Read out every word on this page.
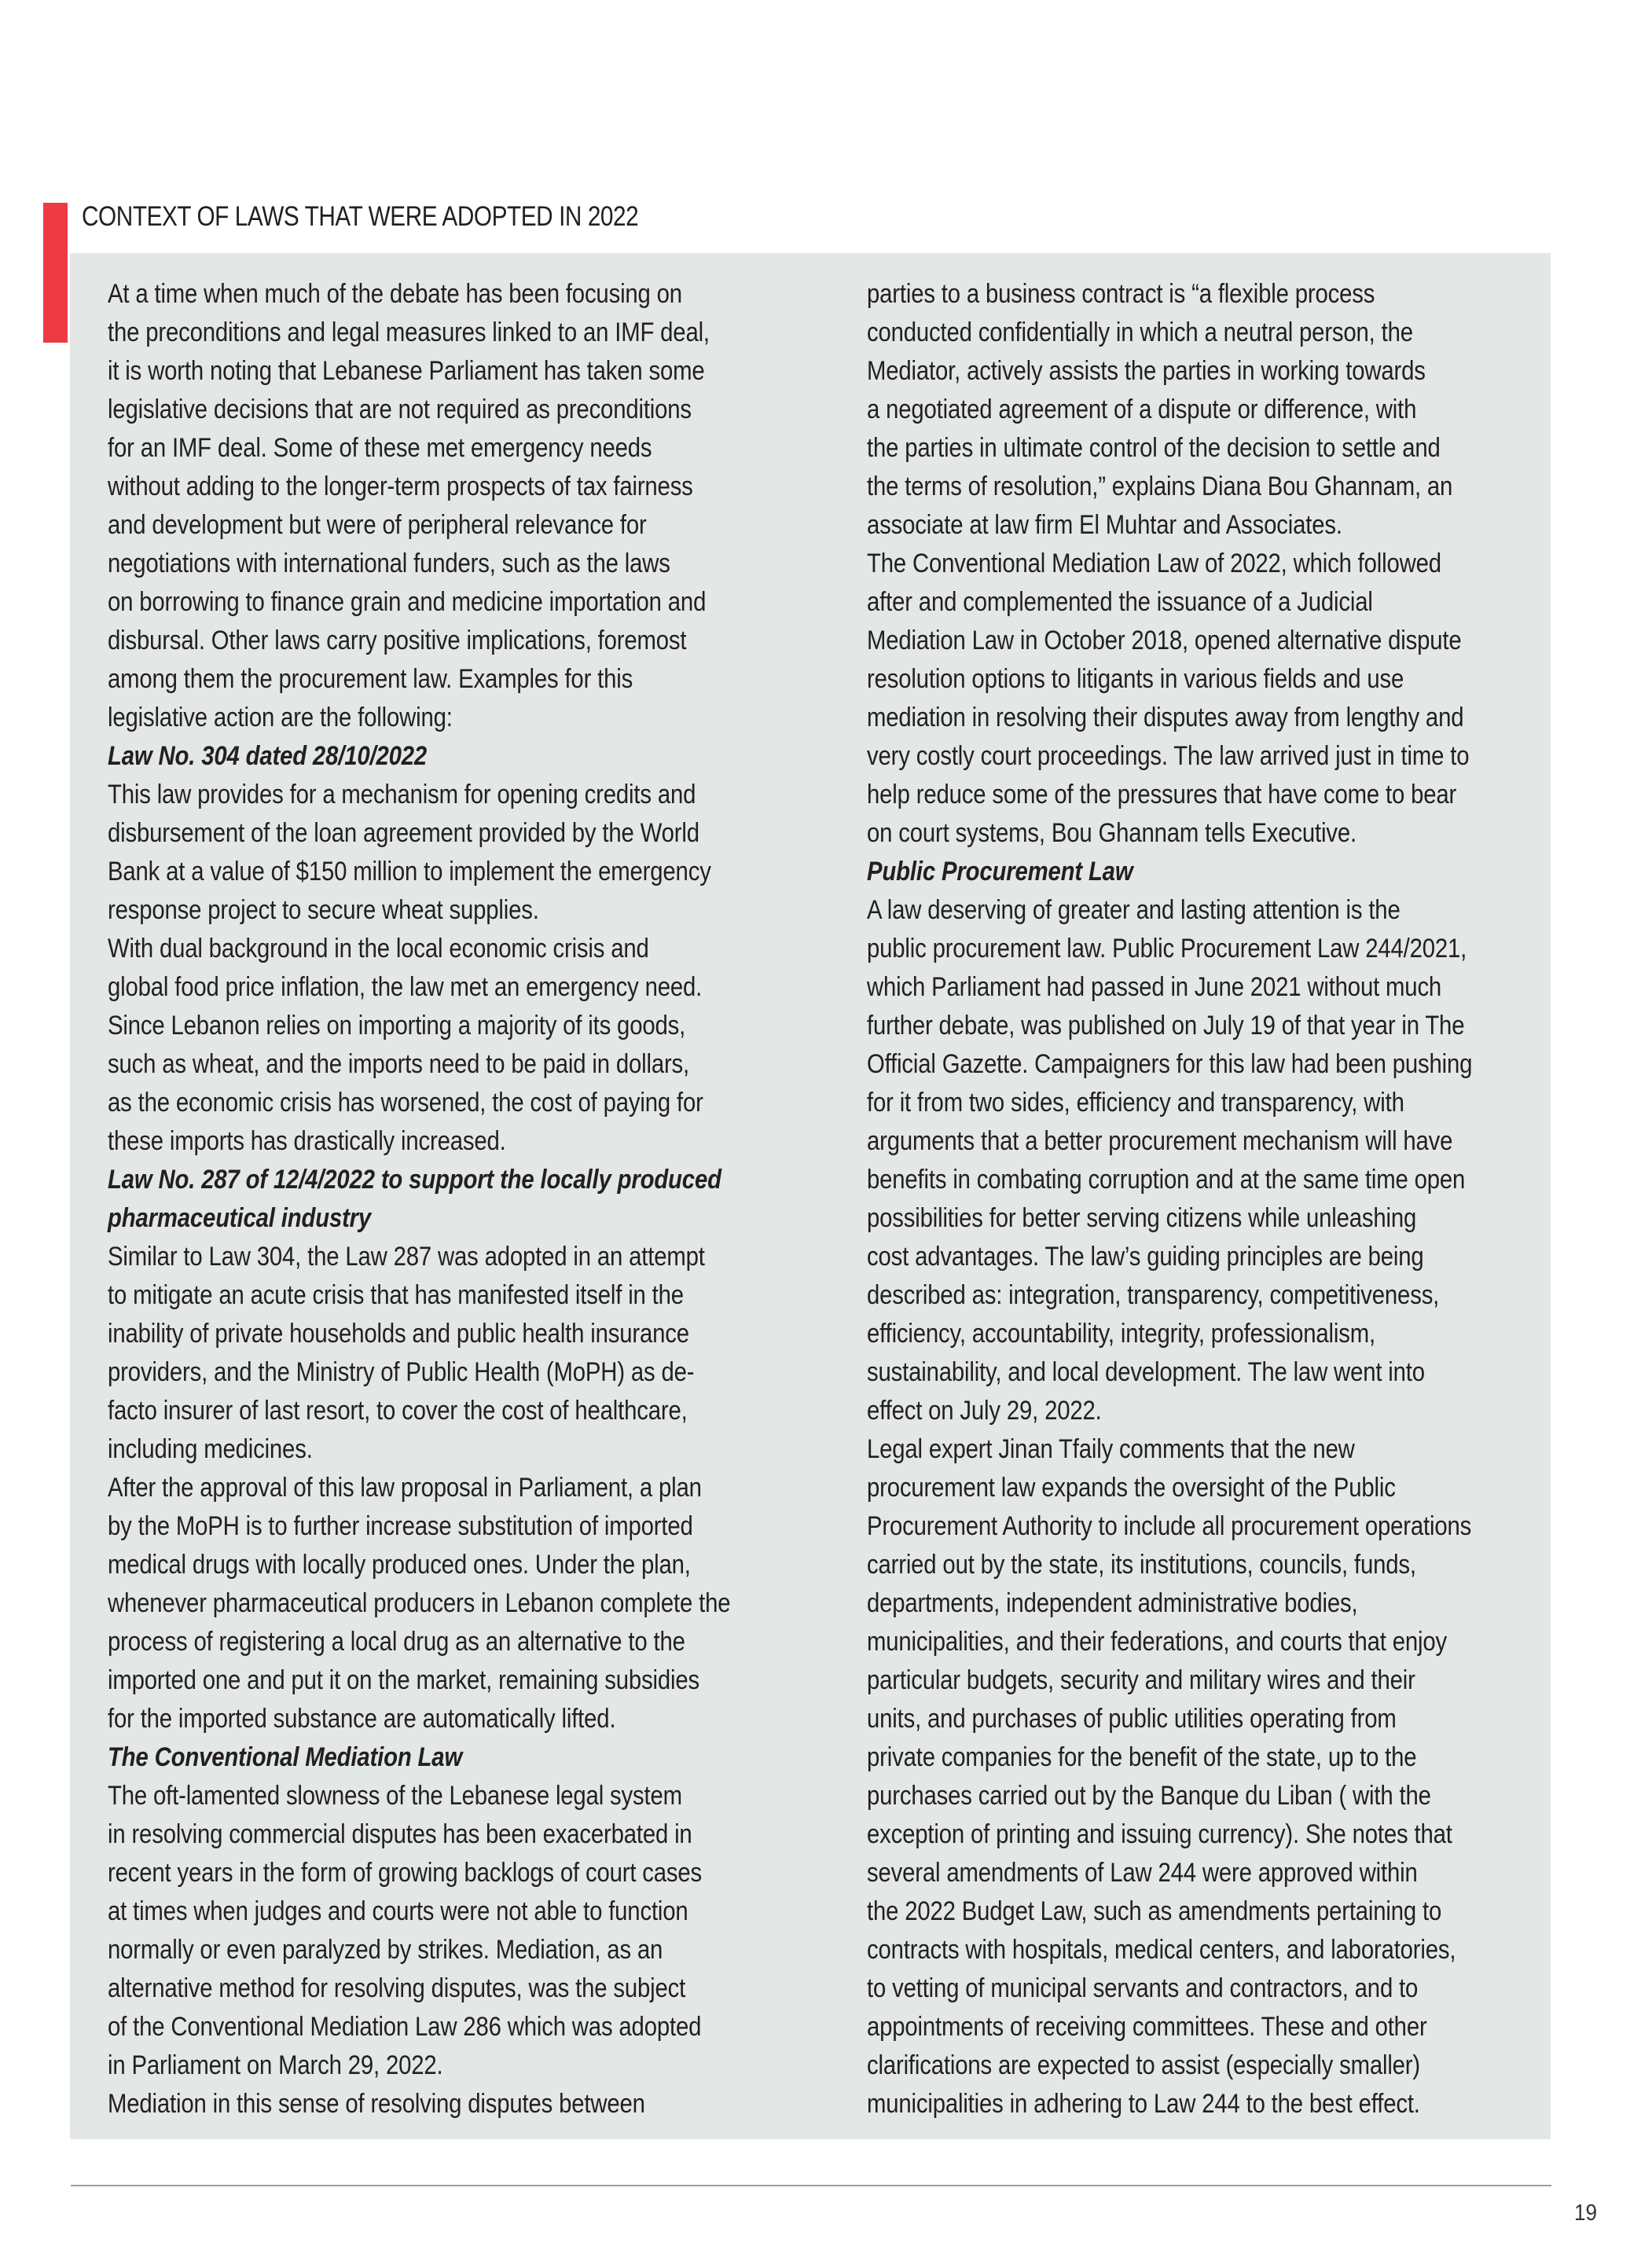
CONTEXT OF LAWS THAT WERE ADOPTED IN 2022
At a time when much of the debate has been focusing on
the preconditions and legal measures linked to an IMF deal,
it is worth noting that Lebanese Parliament has taken some
legislative decisions that are not required as preconditions
for an IMF deal. Some of these met emergency needs
without adding to the longer-term prospects of tax fairness
and development but were of peripheral relevance for
negotiations with international funders, such as the laws
on borrowing to finance grain and medicine importation and
disbursal. Other laws carry positive implications, foremost
among them the procurement law. Examples for this
legislative action are the following:
Law No. 304 dated 28/10/2022
This law provides for a mechanism for opening credits and
disbursement of the loan agreement provided by the World
Bank at a value of $150 million to implement the emergency
response project to secure wheat supplies.
With dual background in the local economic crisis and
global food price inflation, the law met an emergency need.
Since Lebanon relies on importing a majority of its goods,
such as wheat, and the imports need to be paid in dollars,
as the economic crisis has worsened, the cost of paying for
these imports has drastically increased.
Law No. 287 of 12/4/2022 to support the locally produced
pharmaceutical industry
Similar to Law 304, the Law 287 was adopted in an attempt
to mitigate an acute crisis that has manifested itself in the
inability of private households and public health insurance
providers, and the Ministry of Public Health (MoPH) as de-
facto insurer of last resort, to cover the cost of healthcare,
including medicines.
After the approval of this law proposal in Parliament, a plan
by the MoPH is to further increase substitution of imported
medical drugs with locally produced ones. Under the plan,
whenever pharmaceutical producers in Lebanon complete the
process of registering a local drug as an alternative to the
imported one and put it on the market, remaining subsidies
for the imported substance are automatically lifted.
The Conventional Mediation Law
The oft-lamented slowness of the Lebanese legal system
in resolving commercial disputes has been exacerbated in
recent years in the form of growing backlogs of court cases
at times when judges and courts were not able to function
normally or even paralyzed by strikes. Mediation, as an
alternative method for resolving disputes, was the subject
of the Conventional Mediation Law 286 which was adopted
in Parliament on March 29, 2022.
Mediation in this sense of resolving disputes between
parties to a business contract is “a flexible process
conducted confidentially in which a neutral person, the
Mediator, actively assists the parties in working towards
a negotiated agreement of a dispute or difference, with
the parties in ultimate control of the decision to settle and
the terms of resolution,” explains Diana Bou Ghannam, an
associate at law firm El Muhtar and Associates.
The Conventional Mediation Law of 2022, which followed
after and complemented the issuance of a Judicial
Mediation Law in October 2018, opened alternative dispute
resolution options to litigants in various fields and use
mediation in resolving their disputes away from lengthy and
very costly court proceedings. The law arrived just in time to
help reduce some of the pressures that have come to bear
on court systems, Bou Ghannam tells Executive.
Public Procurement Law
A law deserving of greater and lasting attention is the
public procurement law. Public Procurement Law 244/2021,
which Parliament had passed in June 2021 without much
further debate, was published on July 19 of that year in The
Official Gazette. Campaigners for this law had been pushing
for it from two sides, efficiency and transparency, with
arguments that a better procurement mechanism will have
benefits in combating corruption and at the same time open
possibilities for better serving citizens while unleashing
cost advantages. The law’s guiding principles are being
described as: integration, transparency, competitiveness,
efficiency, accountability, integrity, professionalism,
sustainability, and local development. The law went into
effect on July 29, 2022.
Legal expert Jinan Tfaily comments that the new
procurement law expands the oversight of the Public
Procurement Authority to include all procurement operations
carried out by the state, its institutions, councils, funds,
departments, independent administrative bodies,
municipalities, and their federations, and courts that enjoy
particular budgets, security and military wires and their
units, and purchases of public utilities operating from
private companies for the benefit of the state, up to the
purchases carried out by the Banque du Liban ( with the
exception of printing and issuing currency). She notes that
several amendments of Law 244 were approved within
the 2022 Budget Law, such as amendments pertaining to
contracts with hospitals, medical centers, and laboratories,
to vetting of municipal servants and contractors, and to
appointments of receiving committees. These and other
clarifications are expected to assist (especially smaller)
municipalities in adhering to Law 244 to the best effect.
19
